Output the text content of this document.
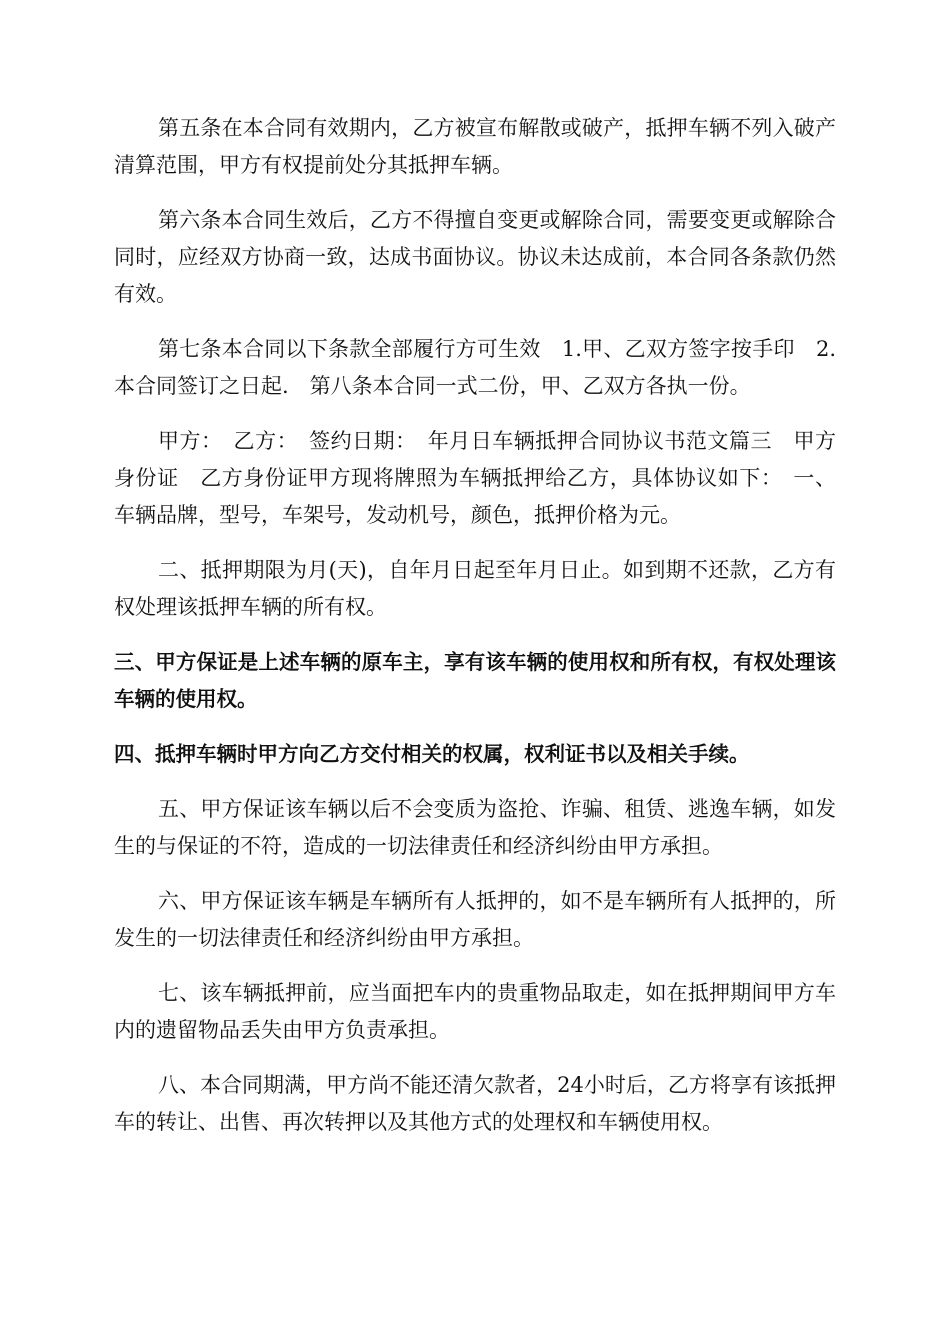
第五条在本合同有效期内，乙方被宣布解散或破产，抵押车辆不列入破产清算范围，甲方有权提前处分其抵押车辆。

第六条本合同生效后，乙方不得擅自变更或解除合同，需要变更或解除合同时，应经双方协商一致，达成书面协议。协议未达成前，本合同各条款仍然有效。

第七条本合同以下条款全部履行方可生效　1.甲、乙双方签字按手印　2.本合同签订之日起.　第八条本合同一式二份，甲、乙双方各执一份。

甲方：　乙方：　签约日期：　年月日车辆抵押合同协议书范文篇三　甲方身份证　乙方身份证甲方现将牌照为车辆抵押给乙方，具体协议如下：　一、车辆品牌，型号，车架号，发动机号，颜色，抵押价格为元。

二、抵押期限为月(天)，自年月日起至年月日止。如到期不还款，乙方有权处理该抵押车辆的所有权。

三、甲方保证是上述车辆的原车主，享有该车辆的使用权和所有权，有权处理该车辆的使用权。

四、抵押车辆时甲方向乙方交付相关的权属，权利证书以及相关手续。

五、甲方保证该车辆以后不会变质为盗抢、诈骗、租赁、逃逸车辆，如发生的与保证的不符，造成的一切法律责任和经济纠纷由甲方承担。

六、甲方保证该车辆是车辆所有人抵押的，如不是车辆所有人抵押的，所发生的一切法律责任和经济纠纷由甲方承担。

七、该车辆抵押前，应当面把车内的贵重物品取走，如在抵押期间甲方车内的遗留物品丢失由甲方负责承担。

八、本合同期满，甲方尚不能还清欠款者，24小时后，乙方将享有该抵押车的转让、出售、再次转押以及其他方式的处理权和车辆使用权。
